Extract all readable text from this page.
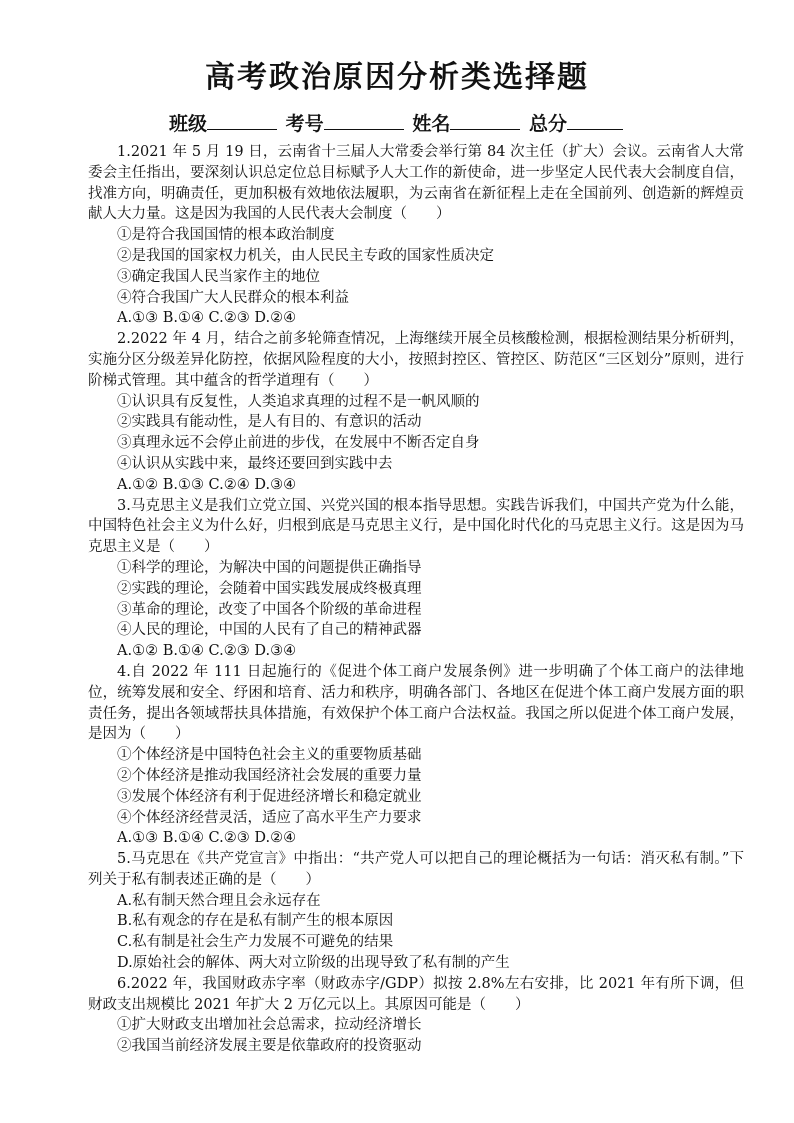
高考政治原因分析类选择题
班级	考号	姓名	总分

1.2021 年 5 月 19 日，云南省十三届人大常委会举行第 84 次主任（扩大）会议。云南省人大常委会主任指出，要深刻认识总定位总目标赋予人大工作的新使命，进一步坚定人民代表大会制度自信，找准方向，明确责任，更加积极有效地依法履职，为云南省在新征程上走在全国前列、创造新的辉煌贡献人大力量。这是因为我国的人民代表大会制度（　　）

①是符合我国国情的根本政治制度

②是我国的国家权力机关，由人民民主专政的国家性质决定

③确定我国人民当家作主的地位

④符合我国广大人民群众的根本利益

A.①③ B.①④ C.②③ D.②④

2.2022 年 4 月，结合之前多轮筛查情况，上海继续开展全员核酸检测，根据检测结果分析研判，实施分区分级差异化防控，依据风险程度的大小，按照封控区、管控区、防范区“三区划分”原则，进行阶梯式管理。其中蕴含的哲学道理有（　　）

①认识具有反复性，人类追求真理的过程不是一帆风顺的

②实践具有能动性，是人有目的、有意识的活动

③真理永远不会停止前进的步伐，在发展中不断否定自身

④认识从实践中来，最终还要回到实践中去

A.①② B.①③ C.②④ D.③④

3.马克思主义是我们立党立国、兴党兴国的根本指导思想。实践告诉我们，中国共产党为什么能，中国特色社会主义为什么好，归根到底是马克思主义行，是中国化时代化的马克思主义行。这是因为马克思主义是（　　）

①科学的理论，为解决中国的问题提供正确指导

②实践的理论，会随着中国实践发展成终极真理

③革命的理论，改变了中国各个阶级的革命进程

④人民的理论，中国的人民有了自己的精神武器

A.①② B.①④ C.②③ D.③④

4.自 2022 年 111 日起施行的《促进个体工商户发展条例》进一步明确了个体工商户的法律地位，统筹发展和安全、纾困和培育、活力和秩序，明确各部门、各地区在促进个体工商户发展方面的职责任务，提出各领域帮扶具体措施，有效保护个体工商户合法权益。我国之所以促进个体工商户发展，是因为（　　）

①个体经济是中国特色社会主义的重要物质基础

②个体经济是推动我国经济社会发展的重要力量

③发展个体经济有利于促进经济增长和稳定就业

④个体经济经营灵活，适应了高水平生产力要求

A.①③ B.①④ C.②③ D.②④

5.马克思在《共产党宣言》中指出：“共产党人可以把自己的理论概括为一句话：消灭私有制。”下列关于私有制表述正确的是（　　）

A.私有制天然合理且会永远存在

B.私有观念的存在是私有制产生的根本原因

C.私有制是社会生产力发展不可避免的结果

D.原始社会的解体、两大对立阶级的出现导致了私有制的产生

6.2022 年，我国财政赤字率（财政赤字/GDP）拟按 2.8%左右安排，比 2021 年有所下调，但财政支出规模比 2021 年扩大 2 万亿元以上。其原因可能是（　　）

①扩大财政支出增加社会总需求，拉动经济增长

②我国当前经济发展主要是依靠政府的投资驱动
